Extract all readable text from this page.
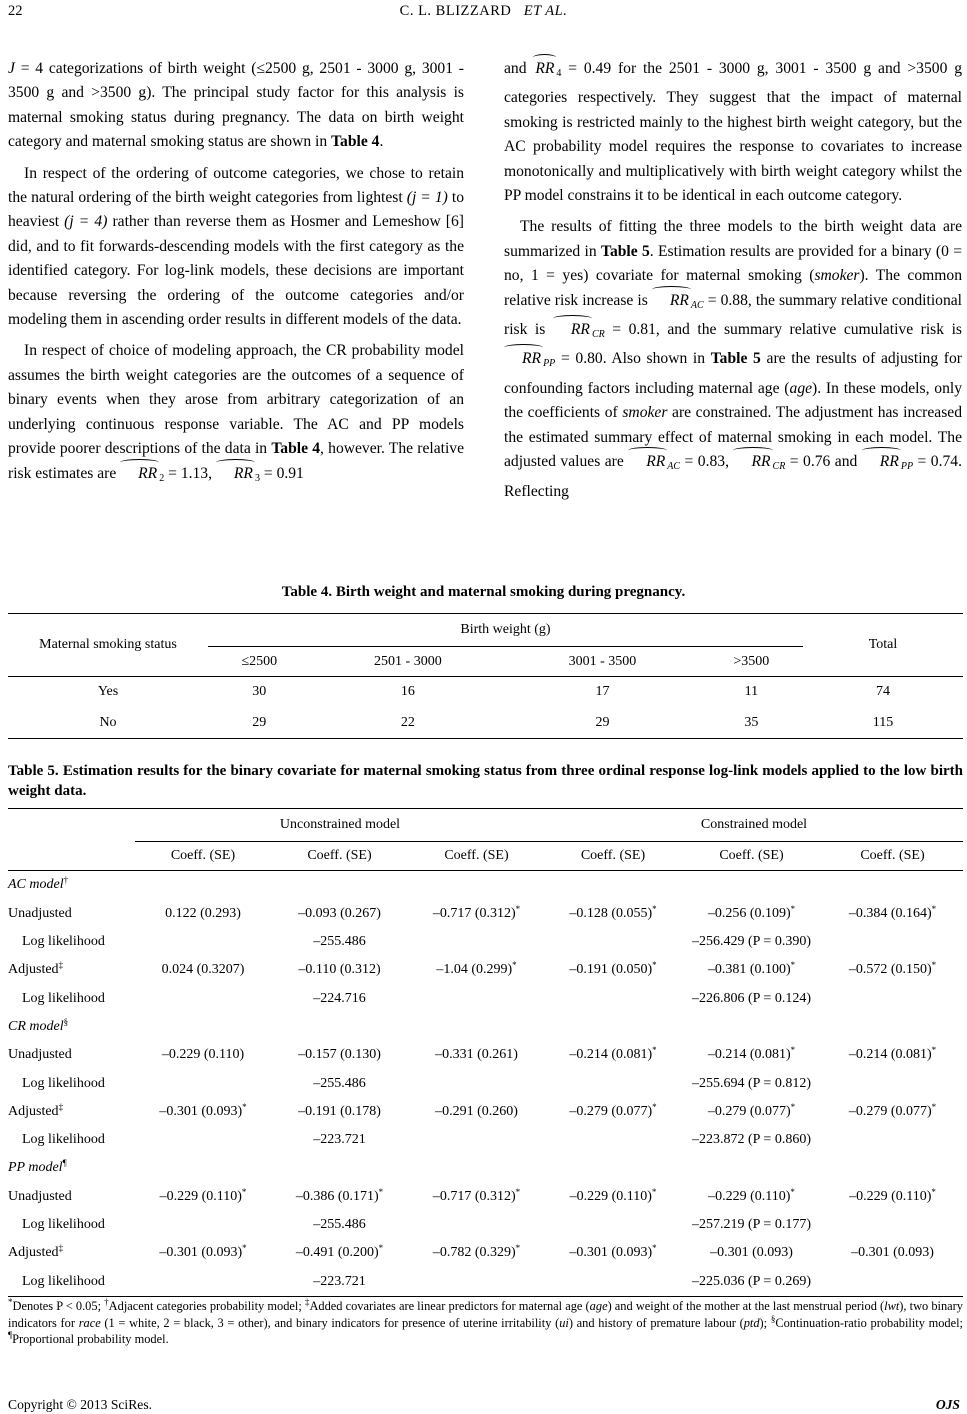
22	C. L. BLIZZARD ET AL.

J = 4 categorizations of birth weight (≤2500 g, 2501 - 3000 g, 3001 - 3500 g and >3500 g). The principal study factor for this analysis is maternal smoking status during pregnancy. The data on birth weight category and maternal smoking status are shown in Table 4.

In respect of the ordering of outcome categories, we chose to retain the natural ordering of the birth weight categories from lightest (j = 1) to heaviest (j = 4) rather than reverse them as Hosmer and Lemeshow [6] did, and to fit forwards-descending models with the first category as the identified category. For log-link models, these decisions are important because reversing the ordering of the outcome categories and/or modeling them in ascending order results in different models of the data.

In respect of choice of modeling approach, the CR probability model assumes the birth weight categories are the outcomes of a sequence of binary events when they arose from arbitrary categorization of an underlying continuous response variable. The AC and PP models provide poorer descriptions of the data in Table 4, however. The relative risk estimates are RR 2 = 1.13, RR 3 = 0.91

and RR 4 = 0.49 for the 2501 - 3000 g, 3001 - 3500 g and >3500 g categories respectively. They suggest that the impact of maternal smoking is restricted mainly to the highest birth weight category, but the AC probability model requires the response to covariates to increase monotonically and multiplicatively with birth weight category whilst the PP model constrains it to be identical in each outcome category.

The results of fitting the three models to the birth weight data are summarized in Table 5. Estimation results are provided for a binary (0 = no, 1 = yes) covariate for maternal smoking (smoker). The common relative risk increase is RR $_{AC}$ = 0.88, the summary relative conditional risk is RR $_{CR}$ = 0.81, and the summary relative cumulative risk is RR $_{PP}$ = 0.80. Also shown in Table 5 are the results of adjusting for confounding factors including maternal age (age). In these models, only the coefficients of smoker are constrained. The adjustment has increased the estimated summary effect of maternal smoking in each model. The adjusted values are RR $_{AC}$ = 0.83, RR $_{CR}$ = 0.76 and RR $_{PP}$ = 0.74. Reflecting

Table 4. Birth weight and maternal smoking during pregnancy.
Maternal smoking status	Birth weight (g)				Total
	≤2500	2501 - 3000	3001 - 3500	>3500	
Yes	30	16	17	11	74
No	29	22	29	35	115
Table 5. Estimation results for the binary covariate for maternal smoking status from three ordinal response log-link models applied to the low birth weight data.
	Unconstrained model			Constrained model		
	Coeff. (SE)	Coeff. (SE)	Coeff. (SE)	Coeff. (SE)	Coeff. (SE)	Coeff. (SE)
AC model†
Unadjusted	0.122 (0.293)	–0.093 (0.267)	–0.717 (0.312)*	–0.128 (0.055)*	–0.256 (0.109)*	–0.384 (0.164)*
Log likelihood		–255.486			–256.429 (P = 0.390)	
Adjusted‡	0.024 (0.3207)	–0.110 (0.312)	–1.04 (0.299)*	–0.191 (0.050)*	–0.381 (0.100)*	–0.572 (0.150)*
Log likelihood		–224.716			–226.806 (P = 0.124)	
CR model§
Unadjusted	–0.229 (0.110)	–0.157 (0.130)	–0.331 (0.261)	–0.214 (0.081)*	–0.214 (0.081)*	–0.214 (0.081)*
Log likelihood		–255.486			–255.694 (P = 0.812)	
Adjusted‡	–0.301 (0.093)*	–0.191 (0.178)	–0.291 (0.260)	–0.279 (0.077)*	–0.279 (0.077)*	–0.279 (0.077)*
Log likelihood		–223.721			–223.872 (P = 0.860)	
PP model¶
Unadjusted	–0.229 (0.110)*	–0.386 (0.171)*	–0.717 (0.312)*	–0.229 (0.110)*	–0.229 (0.110)*	–0.229 (0.110)*
Log likelihood		–255.486			–257.219 (P = 0.177)	
Adjusted‡	–0.301 (0.093)*	–0.491 (0.200)*	–0.782 (0.329)*	–0.301 (0.093)*	–0.301 (0.093)	–0.301 (0.093)
Log likelihood		–223.721			–225.036 (P = 0.269)	
*Denotes P < 0.05; †Adjacent categories probability model; ‡Added covariates are linear predictors for maternal age (age) and weight of the mother at the last menstrual period (lwt), two binary indicators for race (1 = white, 2 = black, 3 = other), and binary indicators for presence of uterine irritability (ui) and history of premature labour (ptd); §Continuation-ratio probability model; ¶Proportional probability model.
Copyright © 2013 SciRes.	OJS
